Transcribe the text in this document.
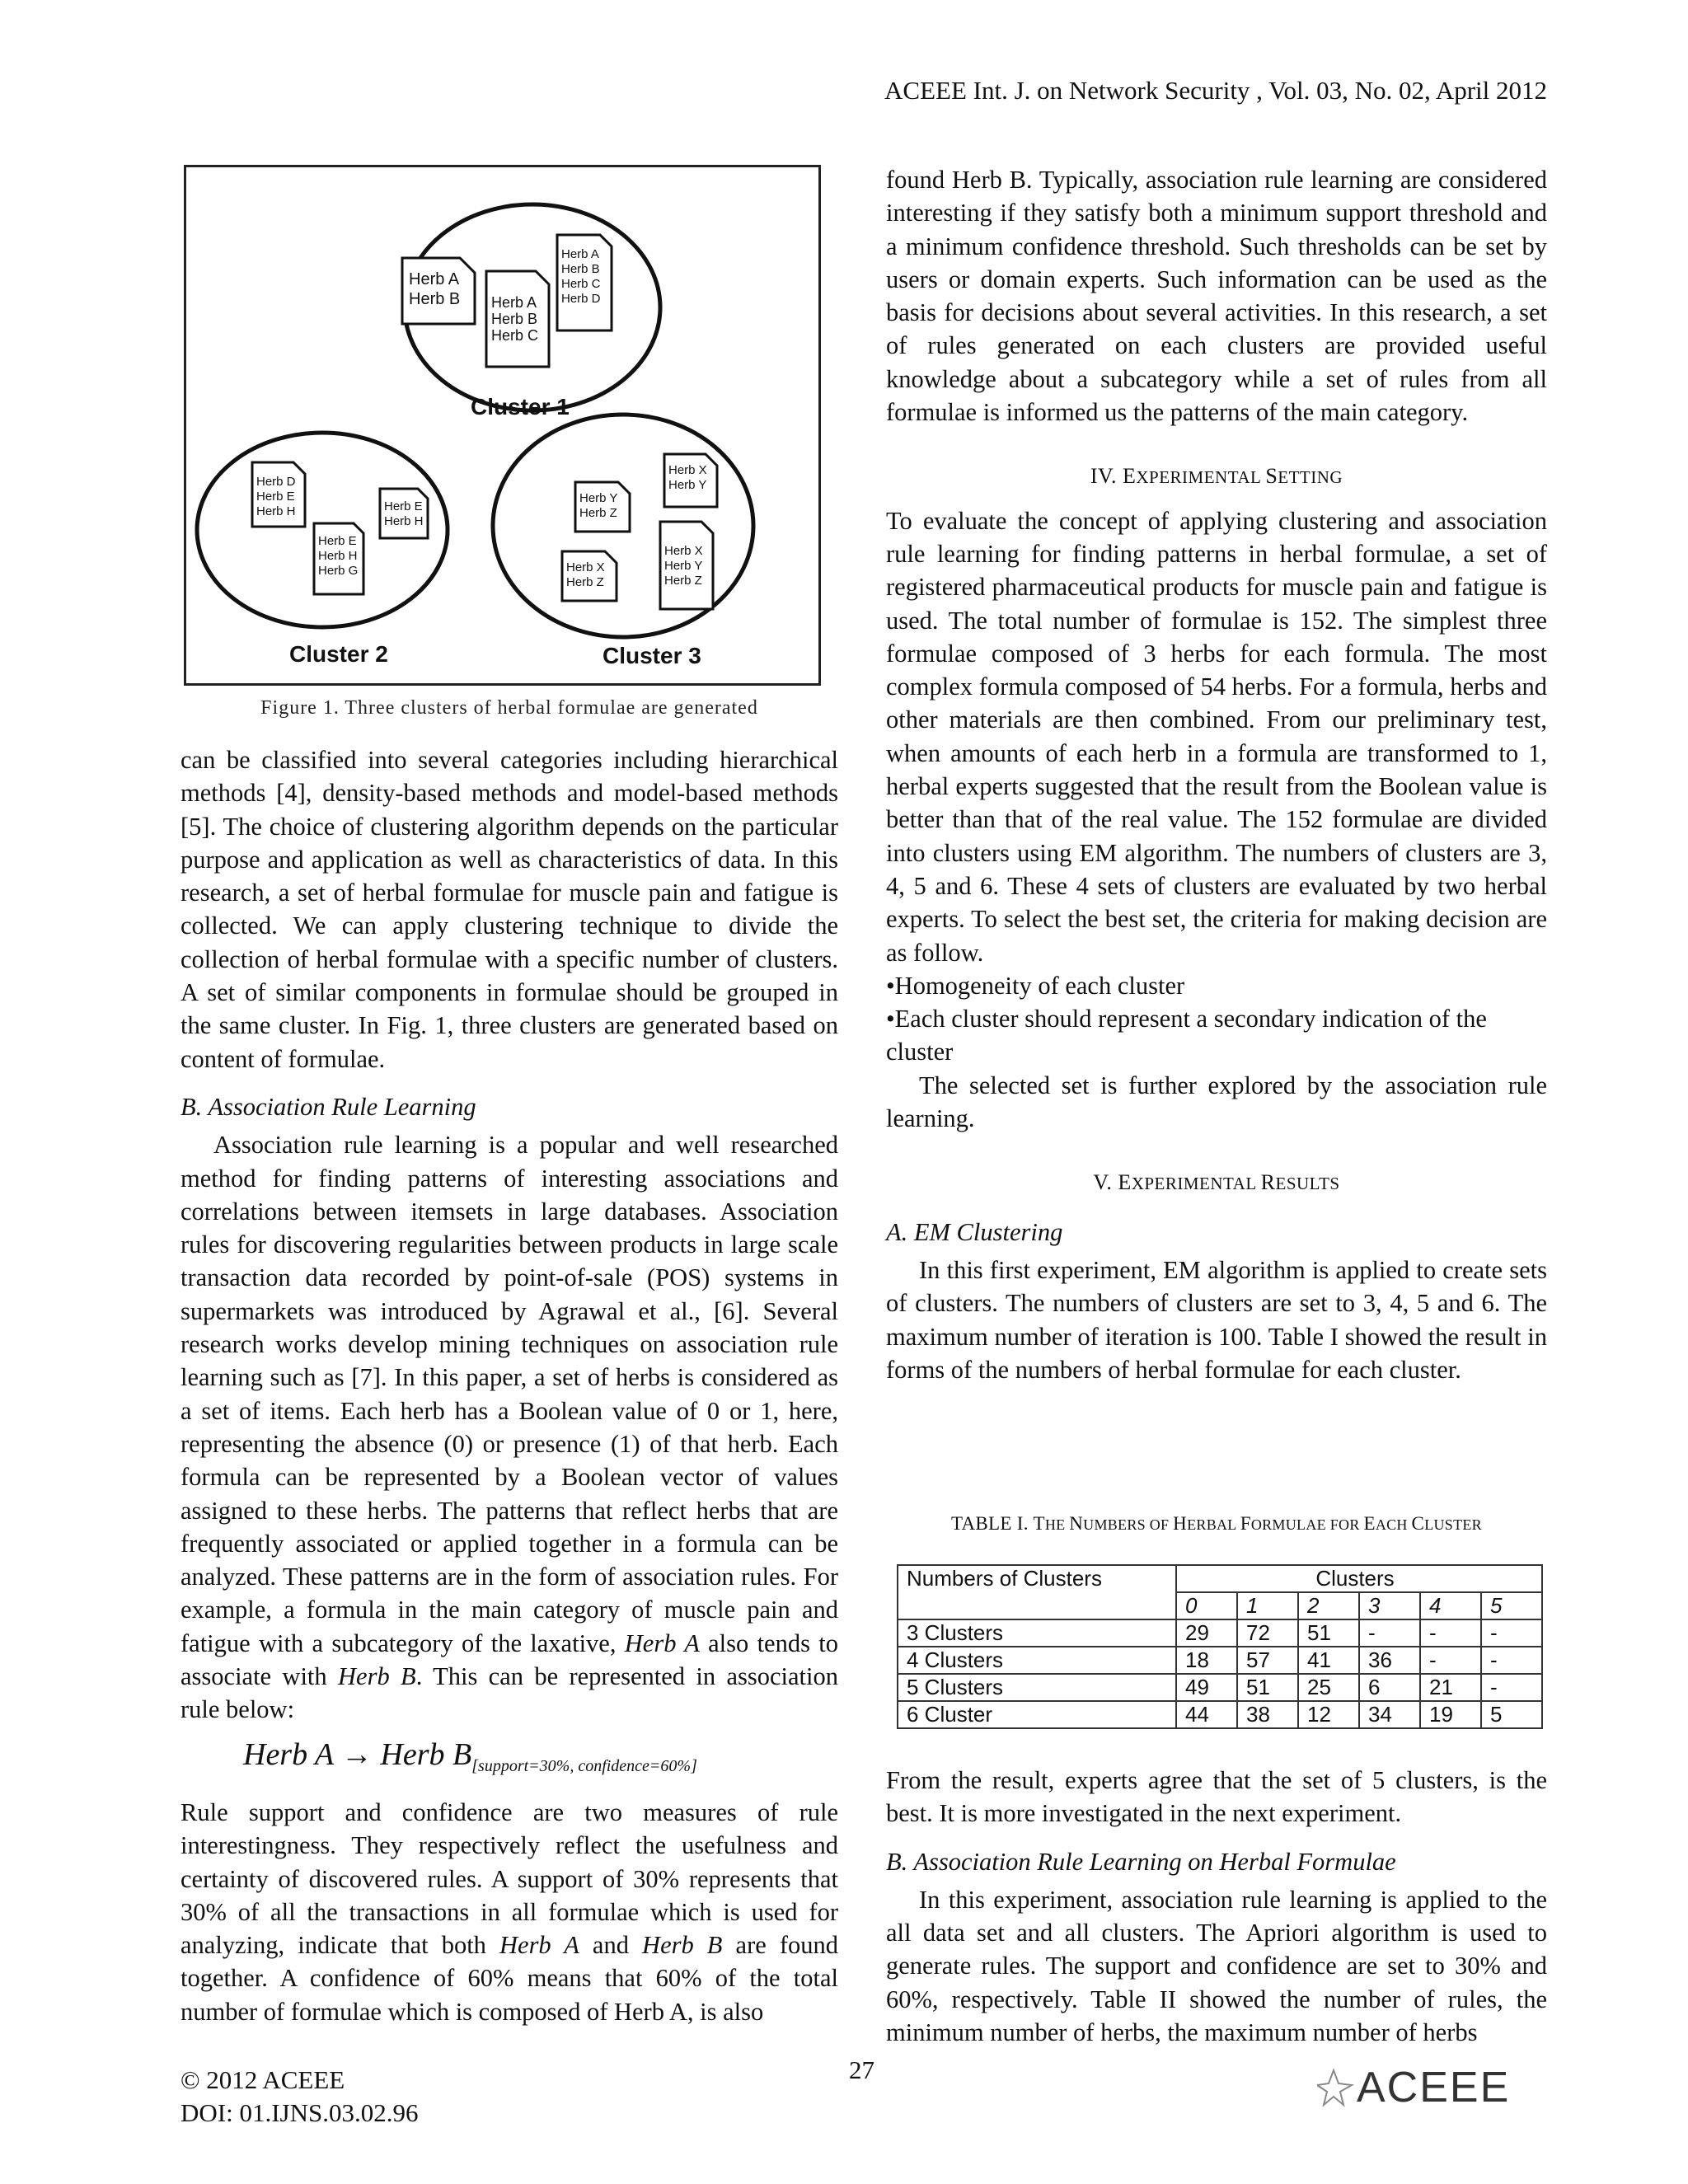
ACEEE Int. J. on Network Security , Vol. 03, No. 02, April 2012
Herb A
Herb B Herb A
Herb B
Herb C
Herb A
Herb B
Herb C
Herb D
Cluster 1
Herb D
Herb E
Herb H	Herb E
Herb H
Herb E
Herb H
Herb G
Cluster 2
Herb Y
Herb Z
Herb X
Herb Y
Herb X
Herb Z
Herb X
Herb Y
Herb Z
Cluster 3
Figure 1. Three clusters of herbal formulae are generated

can be classified into several categories including hierarchical methods [4], density-based methods and model-based methods [5]. The choice of clustering algorithm depends on the particular purpose and application as well as characteristics of data. In this research, a set of herbal formulae for muscle pain and fatigue is collected. We can apply clustering technique to divide the collection of herbal formulae with a specific number of clusters. A set of similar components in formulae should be grouped in the same cluster. In Fig. 1, three clusters are generated based on content of formulae.

B. Association Rule Learning

Association rule learning is a popular and well researched method for finding patterns of interesting associations and correlations between itemsets in large databases. Association rules for discovering regularities between products in large scale transaction data recorded by point-of-sale (POS) systems in supermarkets was introduced by Agrawal et al., [6]. Several research works develop mining techniques on association rule learning such as [7]. In this paper, a set of herbs is considered as a set of items. Each herb has a Boolean value of 0 or 1, here, representing the absence (0) or presence (1) of that herb. Each formula can be represented by a Boolean vector of values assigned to these herbs. The patterns that reflect herbs that are frequently associated or applied together in a formula can be analyzed. These patterns are in the form of association rules. For example, a formula in the main category of muscle pain and fatigue with a subcategory of the laxative, Herb A also tends to associate with Herb B. This can be represented in association rule below:

Herb A → Herb $B_{[support=30\%, confidence=60\%]}$

Rule support and confidence are two measures of rule interestingness. They respectively reflect the usefulness and certainty of discovered rules. A support of 30% represents that 30% of all the transactions in all formulae which is used for analyzing, indicate that both Herb A and Herb B are found together. A confidence of 60% means that 60% of the total number of formulae which is composed of Herb A, is also

found Herb B. Typically, association rule learning are considered interesting if they satisfy both a minimum support threshold and a minimum confidence threshold. Such thresholds can be set by users or domain experts. Such information can be used as the basis for decisions about several activities. In this research, a set of rules generated on each clusters are provided useful knowledge about a subcategory while a set of rules from all formulae is informed us the patterns of the main category.

IV. EXPERIMENTAL SETTING

To evaluate the concept of applying clustering and association rule learning for finding patterns in herbal formulae, a set of registered pharmaceutical products for muscle pain and fatigue is used. The total number of formulae is 152. The simplest three formulae composed of 3 herbs for each formula. The most complex formula composed of 54 herbs. For a formula, herbs and other materials are then combined. From our preliminary test, when amounts of each herb in a formula are transformed to 1, herbal experts suggested that the result from the Boolean value is better than that of the real value. The 152 formulae are divided into clusters using EM algorithm. The numbers of clusters are 3, 4, 5 and 6. These 4 sets of clusters are evaluated by two herbal experts. To select the best set, the criteria for making decision are as follow.

•Homogeneity of each cluster

•Each cluster should represent a secondary indication of the cluster

The selected set is further explored by the association rule learning.

V. EXPERIMENTAL RESULTS

A. EM Clustering

In this first experiment, EM algorithm is applied to create sets of clusters. The numbers of clusters are set to 3, 4, 5 and 6. The maximum number of iteration is 100. Table I showed the result in forms of the numbers of herbal formulae for each cluster.

TABLE I. THE NUMBERS OF HERBAL FORMULAE FOR EACH CLUSTER
Numbers of Clusters	Clusters					
	0	1	2	3	4	5
3 Clusters	29	72	51	-	-	-
4 Clusters	18	57	41	36	-	-
5 Clusters	49	51	25	6	21	-
6 Cluster	44	38	12	34	19	5

From the result, experts agree that the set of 5 clusters, is the best. It is more investigated in the next experiment.

B. Association Rule Learning on Herbal Formulae

In this experiment, association rule learning is applied to the all data set and all clusters. The Apriori algorithm is used to generate rules. The support and confidence are set to 30% and 60%, respectively. Table II showed the number of rules, the minimum number of herbs, the maximum number of herbs

© 2012 ACEEE
DOI: 01.IJNS.03.02.96
27	ACEEE
